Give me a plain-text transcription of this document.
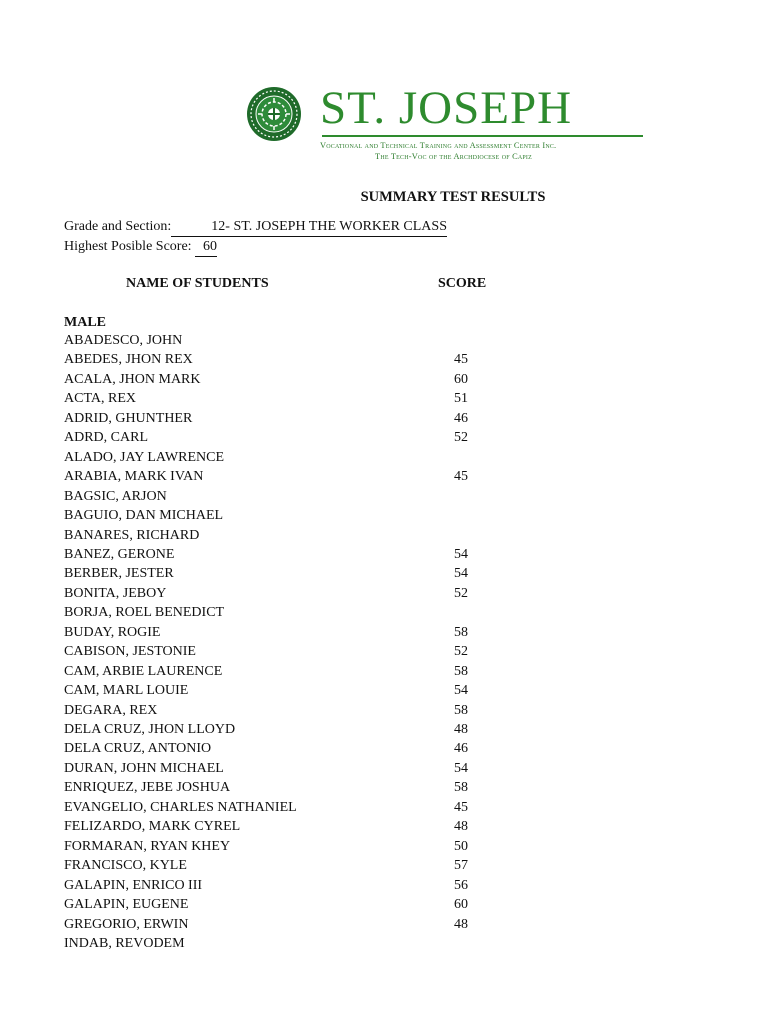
ST. JOSEPH
Vocational and Technical Training and Assessment Center Inc.
The Tech-Voc of the Archdiocese of Capiz
SUMMARY TEST RESULTS
Grade and Section:	12- ST. JOSEPH THE WORKER CLASS
Highest Posible Score: 60
NAME OF STUDENTS	SCORE
MALE
ABADESCO, JOHN
ABEDES, JHON REX	45
ACALA, JHON MARK	60
ACTA, REX	51
ADRID, GHUNTHER	46
ADRD, CARL	52
ALADO, JAY LAWRENCE
ARABIA, MARK IVAN	45
BAGSIC, ARJON
BAGUIO, DAN MICHAEL
BANARES, RICHARD
BANEZ, GERONE	54
BERBER, JESTER	54
BONITA, JEBOY	52
BORJA, ROEL BENEDICT
BUDAY, ROGIE	58
CABISON, JESTONIE	52
CAM, ARBIE LAURENCE	58
CAM, MARL LOUIE	54
DEGARA, REX	58
DELA CRUZ, JHON LLOYD	48
DELA CRUZ, ANTONIO	46
DURAN, JOHN MICHAEL	54
ENRIQUEZ, JEBE JOSHUA	58
EVANGELIO, CHARLES NATHANIEL	45
FELIZARDO, MARK CYREL	48
FORMARAN, RYAN KHEY	50
FRANCISCO, KYLE	57
GALAPIN, ENRICO III	56
GALAPIN, EUGENE	60
GREGORIO, ERWIN	48
INDAB, REVODEM
